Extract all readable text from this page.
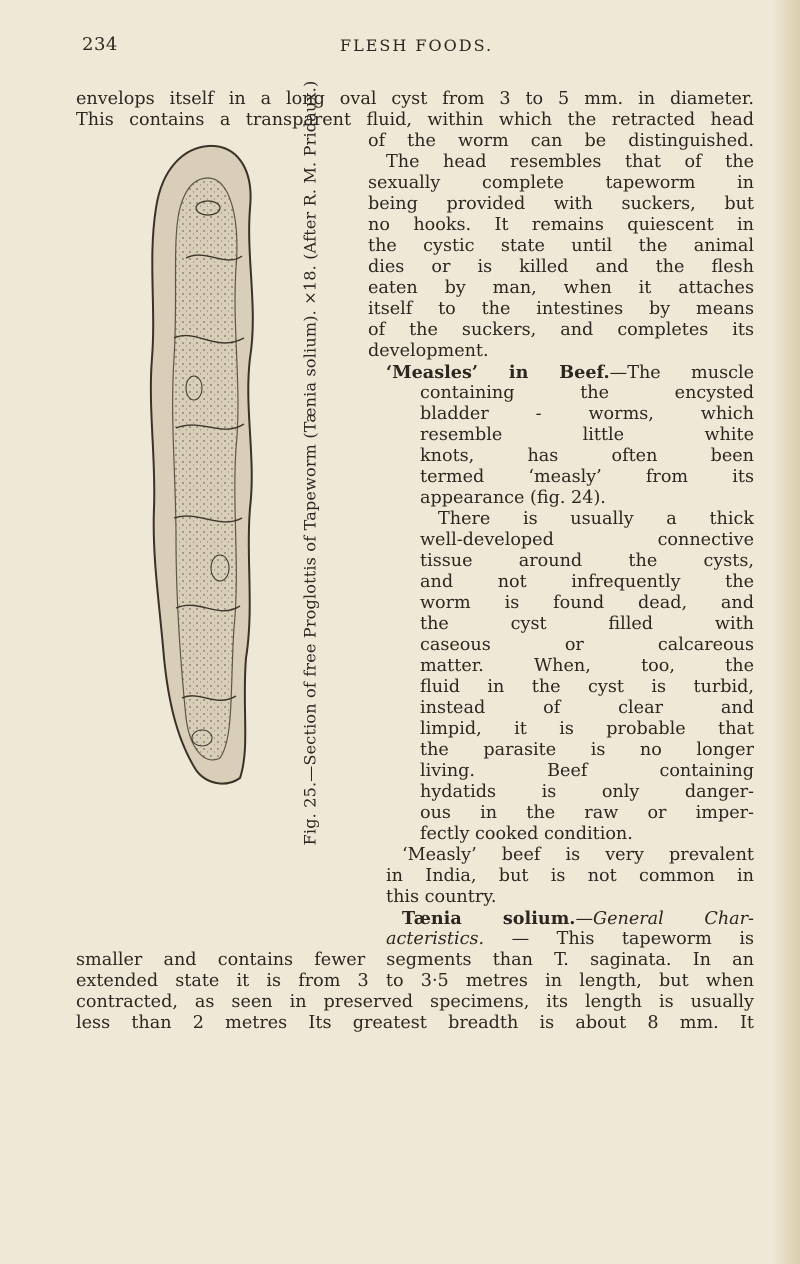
234	FLESH FOODS.
envelops itself in a long oval cyst from 3 to 5 mm. in diameter.
This contains a transparent fluid, within which the retracted head
Fig. 25.—Section of free Proglottis of Tapeworm (Tænia solium). ×18. (After R. M. Pridaux.)	of the worm can be distinguished.
The head resembles that of the
sexually complete tapeworm in
being provided with suckers, but
no hooks. It remains quiescent in
the cystic state until the animal
dies or is killed and the flesh
eaten by man, when it attaches
itself to the intestines by means
of the suckers, and completes its
development.
‘Measles’ in Beef.—The muscle
containing the encysted
bladder - worms, which
resemble little white
knots, has often been
termed ‘measly’ from its
appearance (fig. 24).
There is usually a thick
well-developed connective
tissue around the cysts,
and not infrequently the
worm is found dead, and
the cyst filled with
caseous or calcareous
matter. When, too, the
fluid in the cyst is turbid,
instead of clear and
limpid, it is probable that
the parasite is no longer
living. Beef containing
hydatids is only danger-
ous in the raw or imper-
fectly cooked condition.
‘Measly’ beef is very prevalent
in India, but is not common in
this country.
Tænia solium.—General Char-
acteristics. — This tapeworm is
smaller and contains fewer segments than T. saginata. In an
extended state it is from 3 to 3·5 metres in length, but when
contracted, as seen in preserved specimens, its length is usually
less than 2 metres Its greatest breadth is about 8 mm. It
